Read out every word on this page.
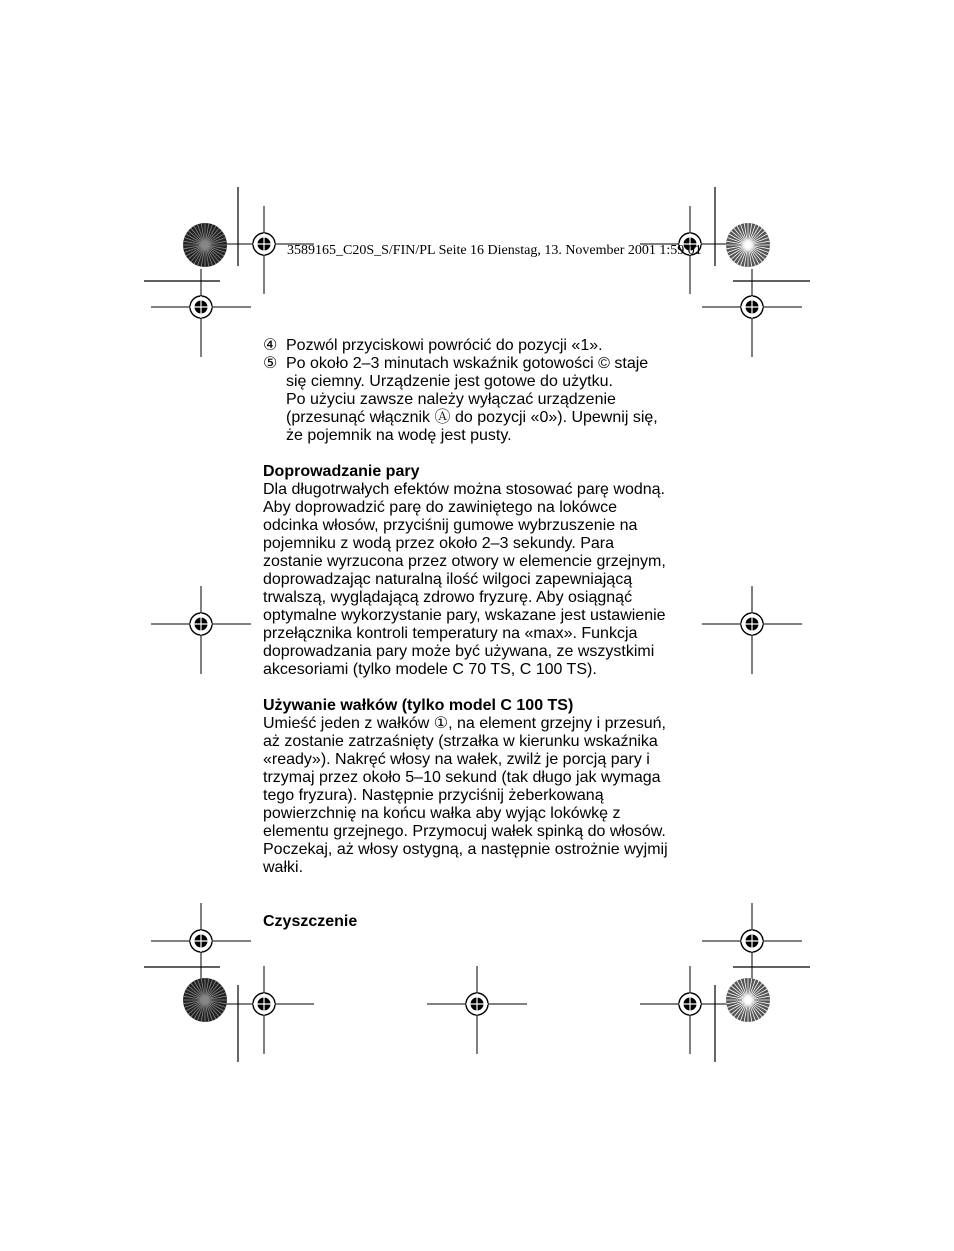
3589165_C20S_S/FIN/PL Seite 16 Dienstag, 13. November 2001 1:59 01
④ Pozwól przyciskowi powrócić do pozycji «1».
⑤ Po około 2–3 minutach wskaźnik gotowości © staje
się ciemny. Urządzenie jest gotowe do użytku.
Po użyciu zawsze należy wyłączać urządzenie
(przesunąć włącznik Ⓐ do pozycji «0»). Upewnij się,
że pojemnik na wodę jest pusty.
Doprowadzanie pary
Dla długotrwałych efektów można stosować parę wodną.
Aby doprowadzić parę do zawiniętego na lokówce
odcinka włosów, przyciśnij gumowe wybrzuszenie na
pojemniku z wodą przez około 2–3 sekundy. Para
zostanie wyrzucona przez otwory w elemencie grzejnym,
doprowadzając naturalną ilość wilgoci zapewniającą
trwalszą, wyglądającą zdrowo fryzurę. Aby osiągnąć
optymalne wykorzystanie pary, wskazane jest ustawienie
przełącznika kontroli temperatury na «max». Funkcja
doprowadzania pary może być używana, ze wszystkimi
akcesoriami (tylko modele C 70 TS, C 100 TS).
Używanie wałków (tylko model C 100 TS)
Umieść jeden z wałków ①, na element grzejny i przesuń,
aż zostanie zatrzaśnięty (strzałka w kierunku wskaźnika
«ready»). Nakręć włosy na wałek, zwilż je porcją pary i
trzymaj przez około 5–10 sekund (tak długo jak wymaga
tego fryzura). Następnie przyciśnij żeberkowaną
powierzchnię na końcu wałka aby wyjąc lokówkę z
elementu grzejnego. Przymocuj wałek spinką do włosów.
Poczekaj, aż włosy ostygną, a następnie ostrożnie wyjmij
wałki.
Czyszczenie
